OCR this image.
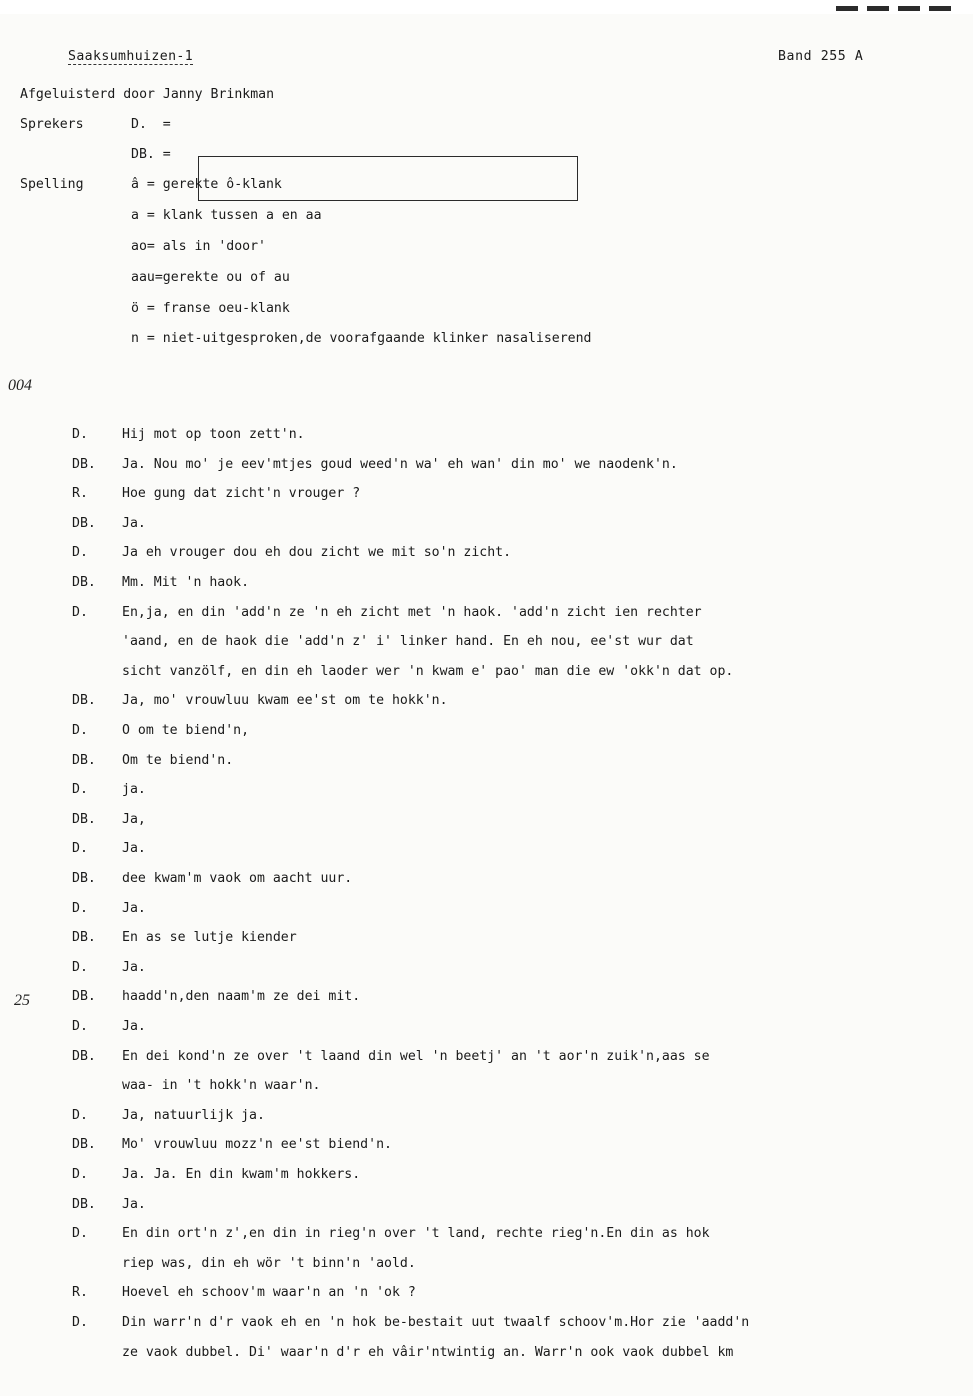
Saaksumhuizen-1	Band 255 A
Afgeluisterd door Janny Brinkman
Sprekers	D.  =
DB. =
Spelling	â = gerekte ô-klank
a = klank tussen a en aa
ao= als in 'door'
aau=gerekte ou of au
ö = franse oeu-klank
n = niet-uitgesproken,de voorafgaande klinker nasaliserend
004
25
D.	Hij mot op toon zett'n.
DB.	Ja. Nou mo' je eev'mtjes goud weed'n wa' eh wan' din mo' we naodenk'n.
R.	Hoe gung dat zicht'n vrouger ?
DB.	Ja.
D.	Ja eh vrouger dou eh dou zicht we mit so'n zicht.
DB.	Mm. Mit 'n haok.
D.	En,ja, en din 'add'n ze 'n eh zicht met 'n haok. 'add'n zicht ien rechter
'aand, en de haok die 'add'n z' i' linker hand. En eh nou, ee'st wur dat
sicht vanzölf, en din eh laoder wer 'n kwam e' pao' man die ew 'okk'n dat op.
DB.	Ja, mo' vrouwluu kwam ee'st om te hokk'n.
D.	O om te biend'n,
DB.	Om te biend'n.
D.	ja.
DB.	Ja,
D.	Ja.
DB.	dee kwam'm vaok om aacht uur.
D.	Ja.
DB.	En as se lutje kiender
D.	Ja.
DB.	haadd'n,den naam'm ze dei mit.
D.	Ja.
DB.	En dei kond'n ze over 't laand din wel 'n beetj' an 't aor'n zuik'n,aas se
waa- in 't hokk'n waar'n.
D.	Ja, natuurlijk ja.
DB.	Mo' vrouwluu mozz'n ee'st biend'n.
D.	Ja. Ja. En din kwam'm hokkers.
DB.	Ja.
D.	En din ort'n z',en din in rieg'n over 't land, rechte rieg'n.En din as hok
riep was, din eh wör 't binn'n 'aold.
R.	Hoevel eh schoov'm waar'n an 'n 'ok ?
D.	Din warr'n d'r vaok eh en 'n hok be-bestait uut twaalf schoov'm.Hor zie 'aadd'n
ze vaok dubbel. Di' waar'n d'r eh vâir'ntwintig an. Warr'n ook vaok dubbel km
